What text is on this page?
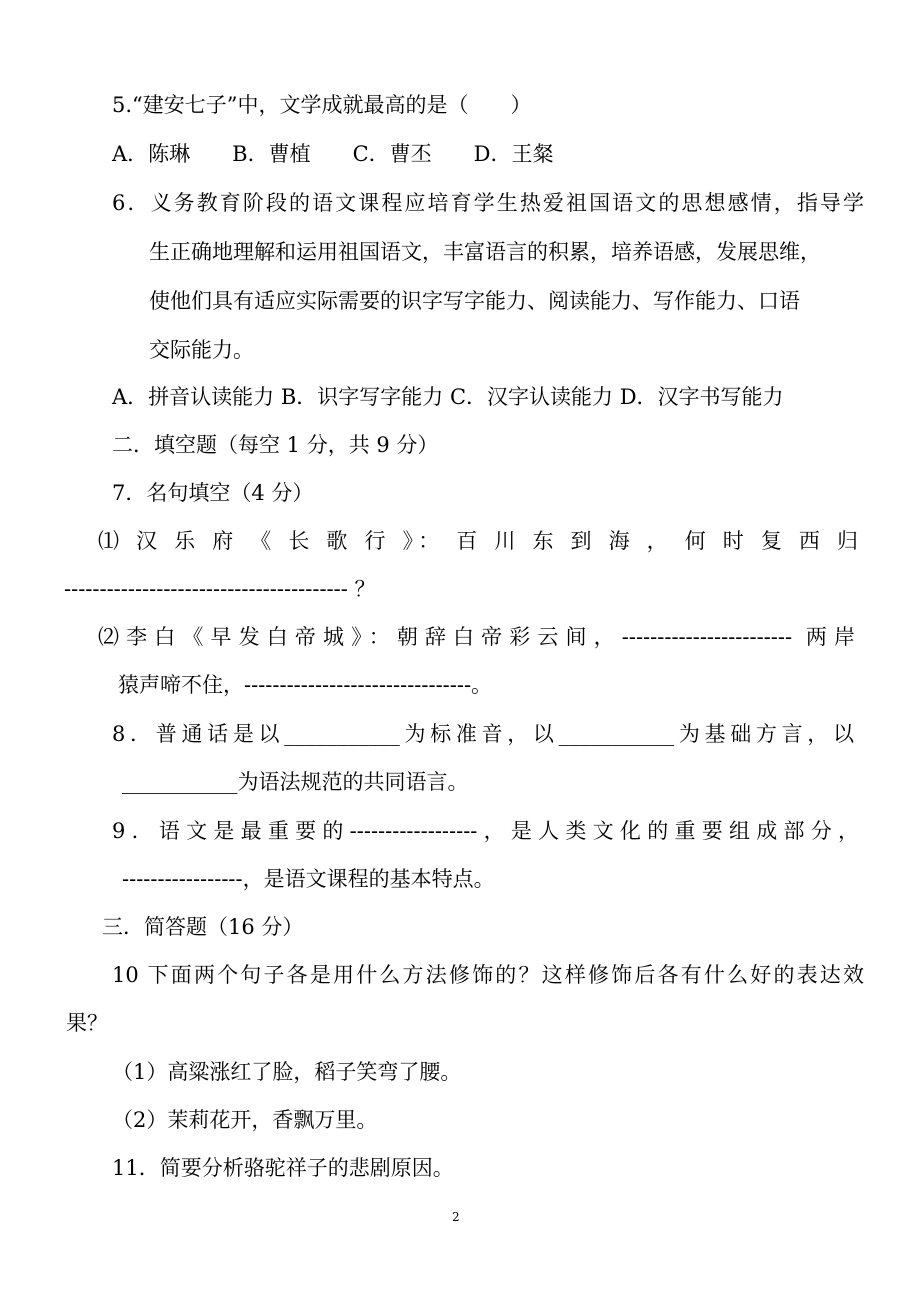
5.“建安七子”中，文学成就最高的是（　　）
A．陈琳　　B．曹植　　C．曹丕　　D．王粲
6．义务教育阶段的语文课程应培育学生热爱祖国语文的思想感情，指导学
生正确地理解和运用祖国语文，丰富语言的积累，培养语感，发展思维，
使他们具有适应实际需要的识字写字能力、阅读能力、写作能力、口语
交际能力。
A．拼音认读能力 B．识字写字能力 C．汉字认读能力 D．汉字书写能力
二．填空题（每空 1 分，共 9 分）
7．名句填空（4 分）
⑴ 汉 乐 府 《 长 歌 行 》： 百 川 东 到 海 ， 何 时 复 西 归
---------------------------------------- ？
⑵李白《早发白帝城》：朝辞白帝彩云间，------------------------ 两岸
猿声啼不住，--------------------------------。
8．普通话是以___________为标准音，以___________为基础方言，以
___________为语法规范的共同语言。
9．语文是最重要的------------------，是人类文化的重要组成部分，
-----------------，是语文课程的基本特点。
三．简答题（16 分）
10 下面两个句子各是用什么方法修饰的？这样修饰后各有什么好的表达效
果？
（1）高粱涨红了脸，稻子笑弯了腰。
（2）茉莉花开，香飘万里。
11．简要分析骆驼祥子的悲剧原因。
2
